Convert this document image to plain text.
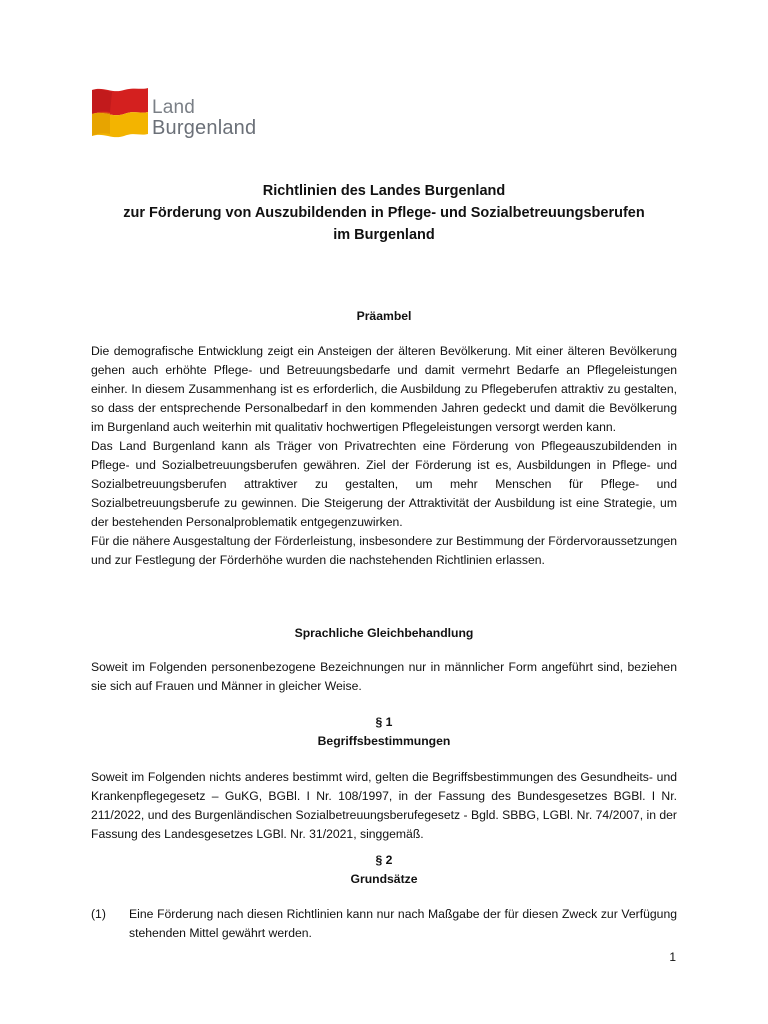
Land
Burgenland
Richtlinien des Landes Burgenland
zur Förderung von Auszubildenden in Pflege- und Sozialbetreuungsberufen
im Burgenland
Präambel

Die demografische Entwicklung zeigt ein Ansteigen der älteren Bevölkerung. Mit einer älteren Bevölkerung gehen auch erhöhte Pflege- und Betreuungsbedarfe und damit vermehrt Bedarfe an Pflegeleistungen einher. In diesem Zusammenhang ist es erforderlich, die Ausbildung zu Pflegeberufen attraktiv zu gestalten, so dass der entsprechende Personalbedarf in den kommenden Jahren gedeckt und damit die Bevölkerung im Burgenland auch weiterhin mit qualitativ hochwertigen Pflegeleistungen versorgt werden kann.

Das Land Burgenland kann als Träger von Privatrechten eine Förderung von Pflegeauszubildenden in Pflege- und Sozialbetreuungsberufen gewähren. Ziel der Förderung ist es, Ausbildungen in Pflege- und Sozialbetreuungsberufen attraktiver zu gestalten, um mehr Menschen für Pflege- und Sozialbetreuungsberufe zu gewinnen. Die Steigerung der Attraktivität der Ausbildung ist eine Strategie, um der bestehenden Personalproblematik entgegenzuwirken.

Für die nähere Ausgestaltung der Förderleistung, insbesondere zur Bestimmung der Fördervoraussetzungen und zur Festlegung der Förderhöhe wurden die nachstehenden Richtlinien erlassen.

Sprachliche Gleichbehandlung
Soweit im Folgenden personenbezogene Bezeichnungen nur in männlicher Form angeführt sind, beziehen sie sich auf Frauen und Männer in gleicher Weise.
§ 1
Begriffsbestimmungen
Soweit im Folgenden nichts anderes bestimmt wird, gelten die Begriffsbestimmungen des Gesundheits- und Krankenpflegegesetz – GuKG, BGBl. I Nr. 108/1997, in der Fassung des Bundesgesetzes BGBl. I Nr. 211/2022, und des Burgenländischen Sozialbetreuungsberufegesetz - Bgld. SBBG, LGBl. Nr. 74/2007, in der Fassung des Landesgesetzes LGBl. Nr. 31/2021, singgemäß.
§ 2
Grundsätze
(1)	Eine Förderung nach diesen Richtlinien kann nur nach Maßgabe der für diesen Zweck zur Verfügung stehenden Mittel gewährt werden.
1
